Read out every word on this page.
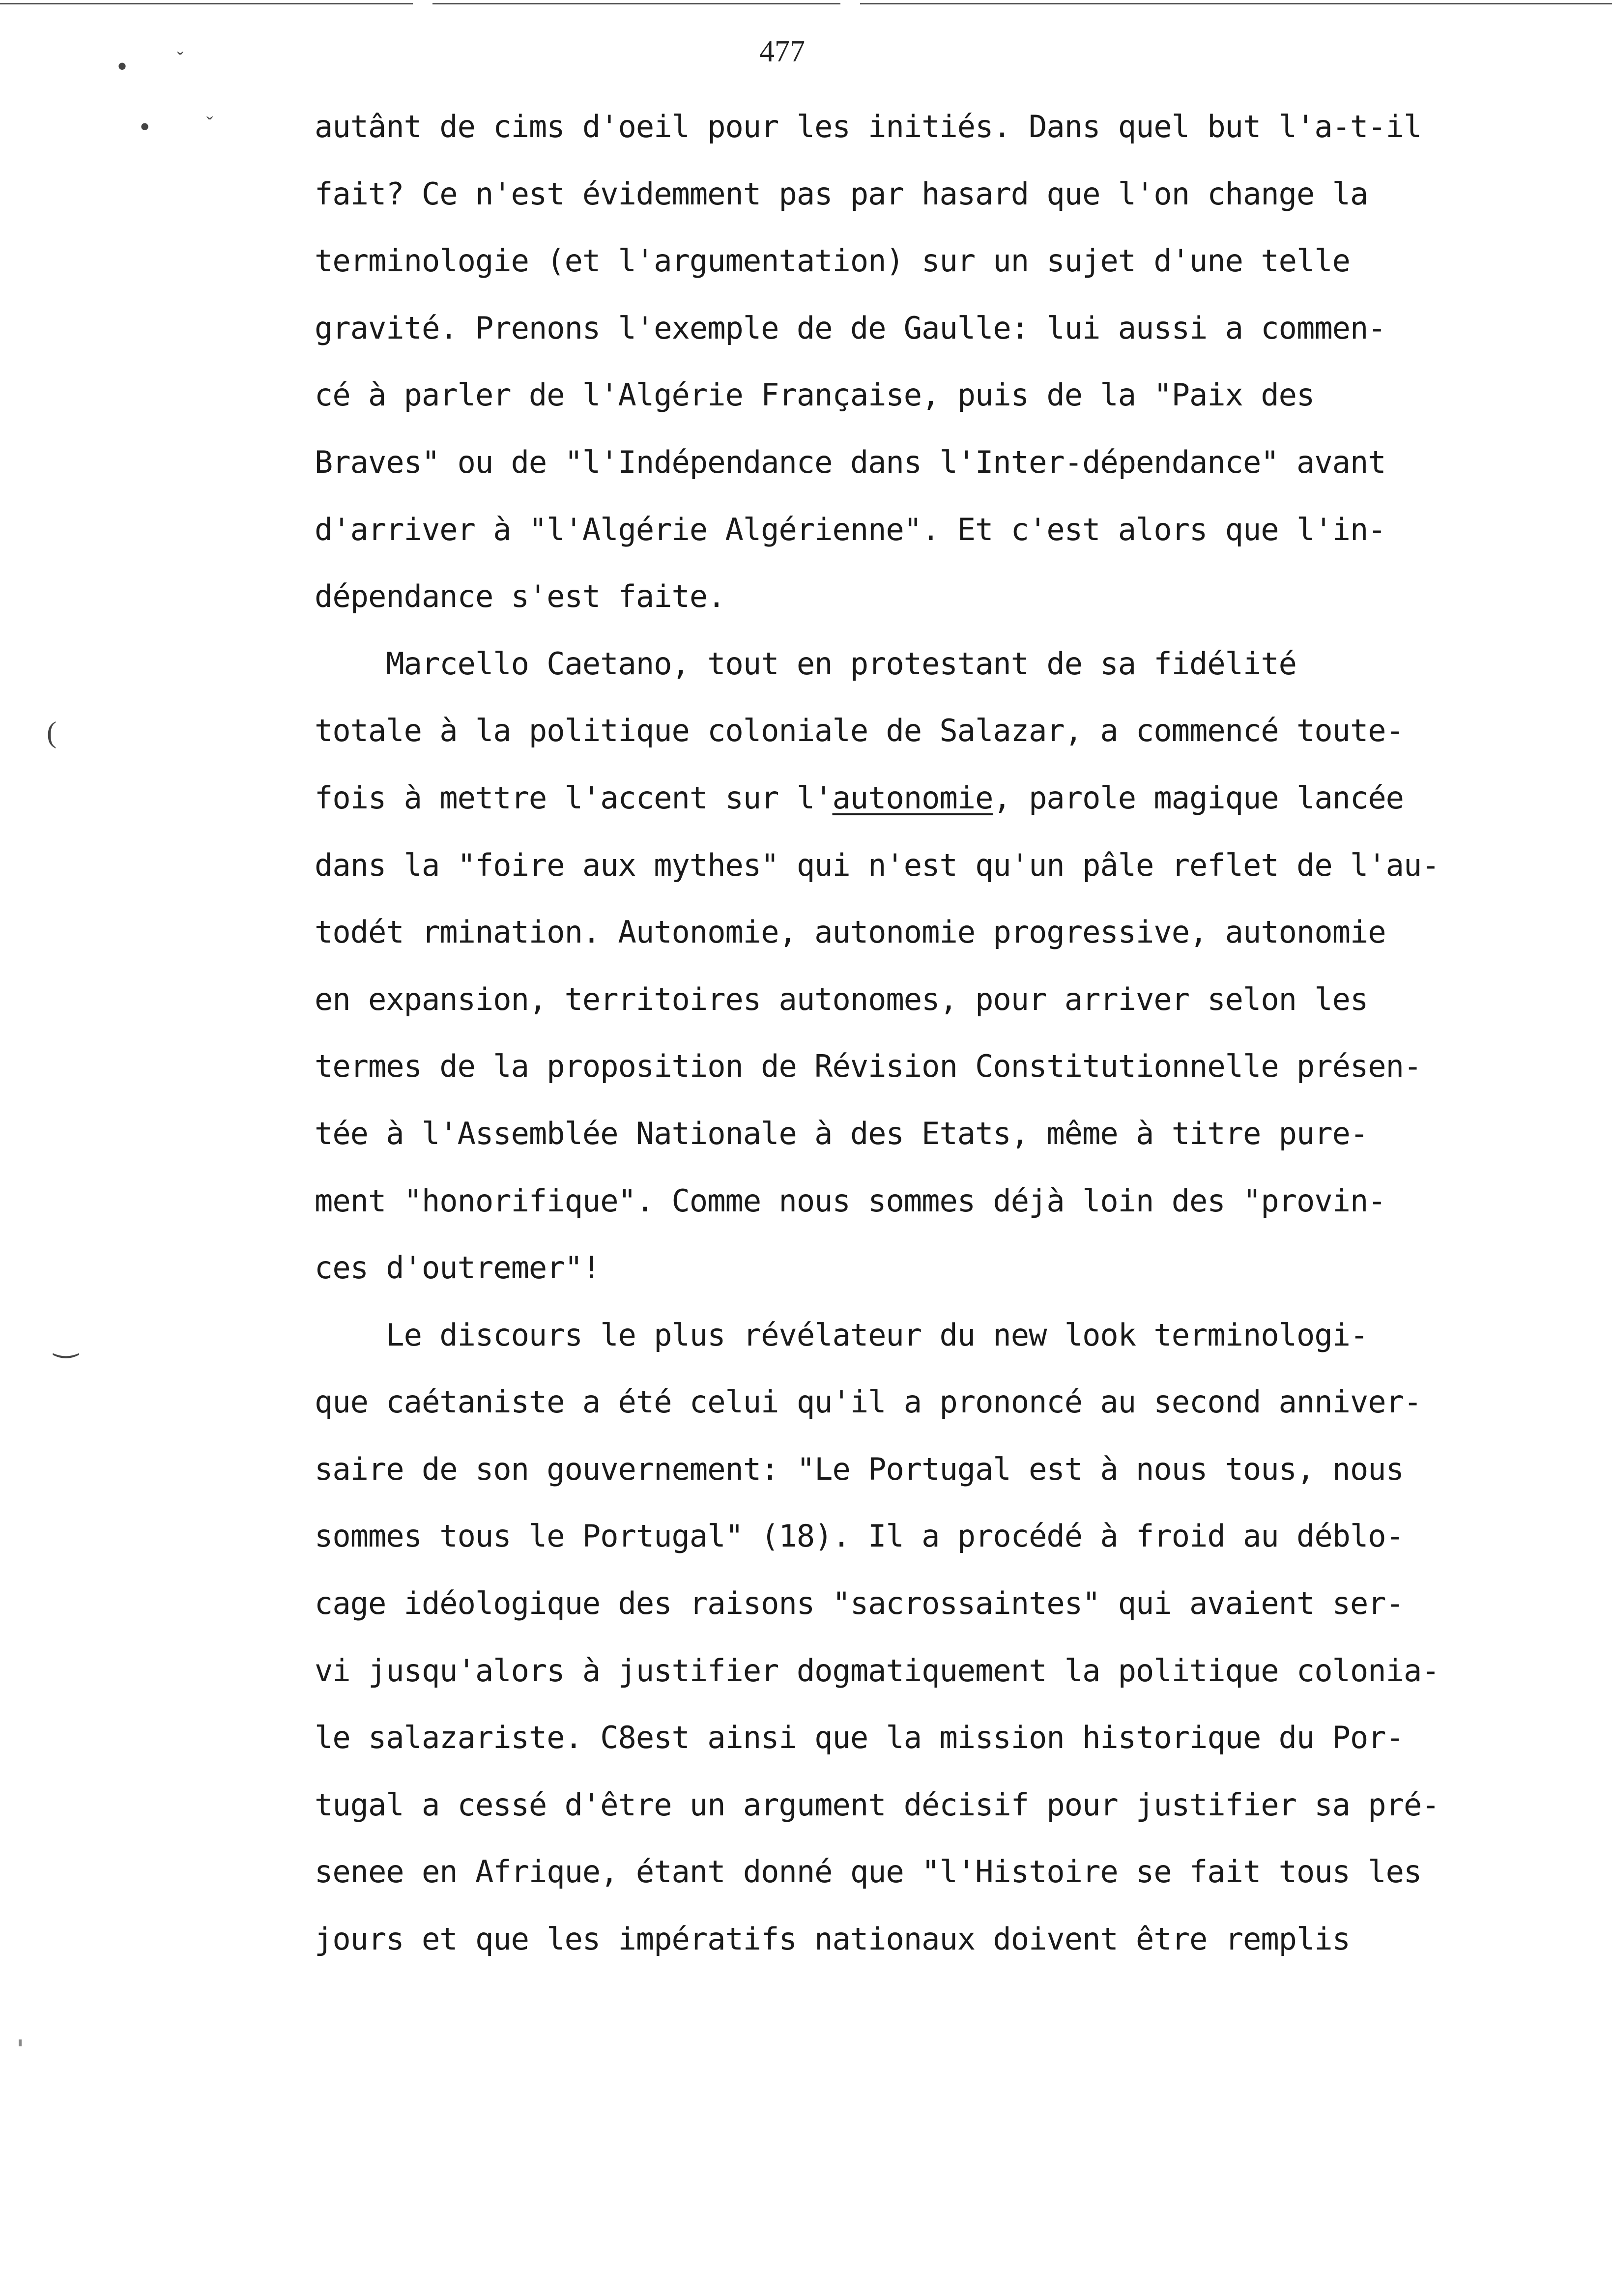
477
•	ˇ
•	ˇ
(
‿
autânt de cims d'oeil pour les initiés. Dans quel but l'a-t-il
fait? Ce n'est évidemment pas par hasard que l'on change la
terminologie (et l'argumentation) sur un sujet d'une telle
gravité. Prenons l'exemple de de Gaulle: lui aussi a commen-
cé à parler de l'Algérie Française, puis de la "Paix des
Braves" ou de "l'Indépendance dans l'Inter-dépendance" avant
d'arriver à "l'Algérie Algérienne". Et c'est alors que l'in-
dépendance s'est faite.
Marcello Caetano, tout en protestant de sa fidélité
totale à la politique coloniale de Salazar, a commencé toute-
fois à mettre l'accent sur l'autonomie, parole magique lancée
dans la "foire aux mythes" qui n'est qu'un pâle reflet de l'au-
todét rmination. Autonomie, autonomie progressive, autonomie
en expansion, territoires autonomes, pour arriver selon les
termes de la proposition de Révision Constitutionnelle présen-
tée à l'Assemblée Nationale à des Etats, même à titre pure-
ment "honorifique". Comme nous sommes déjà loin des "provin-
ces d'outremer"!
Le discours le plus révélateur du new look terminologi-
que caétaniste a été celui qu'il a prononcé au second anniver-
saire de son gouvernement: "Le Portugal est à nous tous, nous
sommes tous le Portugal" (18). Il a procédé à froid au déblo-
cage idéologique des raisons "sacrossaintes" qui avaient ser-
vi jusqu'alors à justifier dogmatiquement la politique colonia-
le salazariste. C8est ainsi que la mission historique du Por-
tugal a cessé d'être un argument décisif pour justifier sa pré-
senee en Afrique, étant donné que "l'Histoire se fait tous les
jours et que les impératifs nationaux doivent être remplis
